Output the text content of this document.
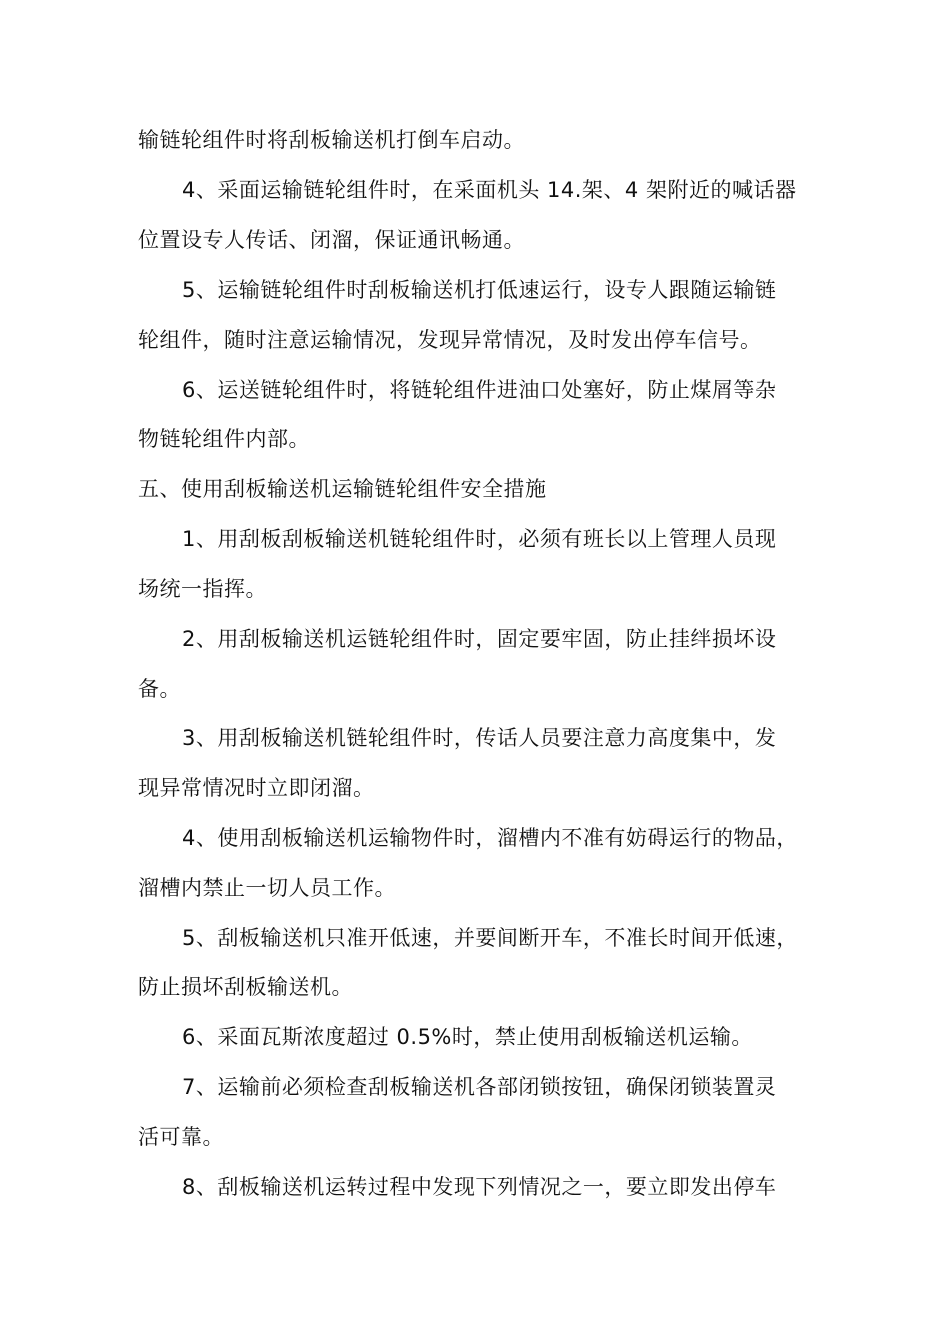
输链轮组件时将刮板输送机打倒车启动。
4、采面运输链轮组件时，在采面机头 14.架、4 架附近的喊话器
位置设专人传话、闭溜，保证通讯畅通。
5、运输链轮组件时刮板输送机打低速运行，设专人跟随运输链
轮组件，随时注意运输情况，发现异常情况，及时发出停车信号。
6、运送链轮组件时，将链轮组件进油口处塞好，防止煤屑等杂
物链轮组件内部。
五、使用刮板输送机运输链轮组件安全措施
1、用刮板刮板输送机链轮组件时，必须有班长以上管理人员现
场统一指挥。
2、用刮板输送机运链轮组件时，固定要牢固，防止挂绊损坏设
备。
3、用刮板输送机链轮组件时，传话人员要注意力高度集中，发
现异常情况时立即闭溜。
4、使用刮板输送机运输物件时，溜槽内不准有妨碍运行的物品，
溜槽内禁止一切人员工作。
5、刮板输送机只准开低速，并要间断开车，不准长时间开低速，
防止损坏刮板输送机。
6、采面瓦斯浓度超过 0.5%时，禁止使用刮板输送机运输。
7、运输前必须检查刮板输送机各部闭锁按钮，确保闭锁装置灵
活可靠。
8、刮板输送机运转过程中发现下列情况之一，要立即发出停车
